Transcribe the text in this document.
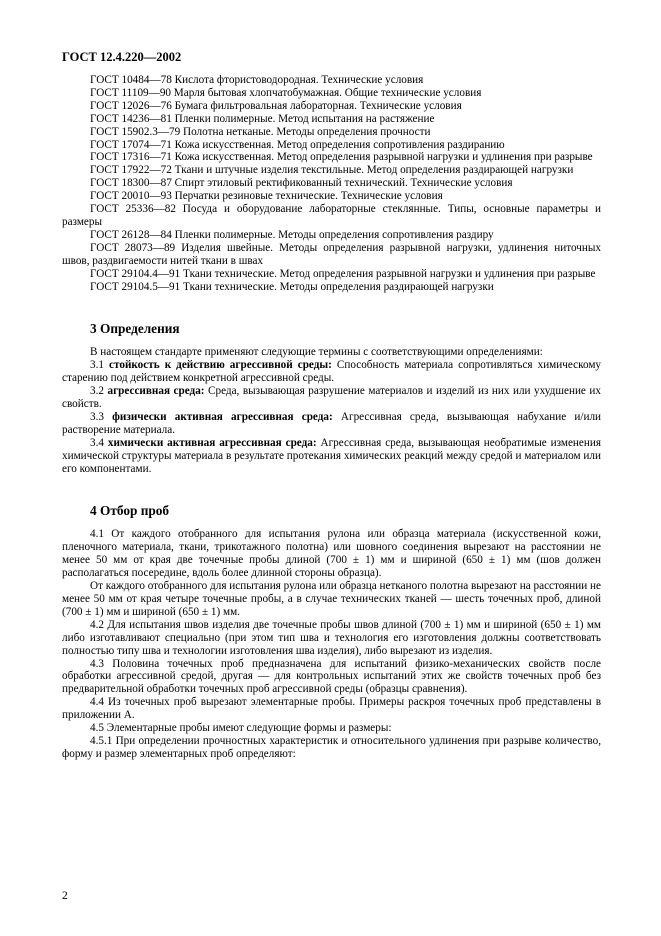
ГОСТ 12.4.220—2002

ГОСТ 10484—78 Кислота фтористоводородная. Технические условия

ГОСТ 11109—90 Марля бытовая хлопчатобумажная. Общие технические условия

ГОСТ 12026—76 Бумага фильтровальная лабораторная. Технические условия

ГОСТ 14236—81 Пленки полимерные. Метод испытания на растяжение

ГОСТ 15902.3—79 Полотна нетканые. Методы определения прочности

ГОСТ 17074—71 Кожа искусственная. Метод определения сопротивления раздиранию

ГОСТ 17316—71 Кожа искусственная. Метод определения разрывной нагрузки и удлинения при разрыве

ГОСТ 17922—72 Ткани и штучные изделия текстильные. Метод определения раздирающей нагрузки

ГОСТ 18300—87 Спирт этиловый ректификованный технический. Технические условия

ГОСТ 20010—93 Перчатки резиновые технические. Технические условия

ГОСТ 25336—82 Посуда и оборудование лабораторные стеклянные. Типы, основные параметры и размеры

ГОСТ 26128—84 Пленки полимерные. Методы определения сопротивления раздиру

ГОСТ 28073—89 Изделия швейные. Методы определения разрывной нагрузки, удлинения ниточных швов, раздвигаемости нитей ткани в швах

ГОСТ 29104.4—91 Ткани технические. Метод определения разрывной нагрузки и удлинения при разрыве

ГОСТ 29104.5—91 Ткани технические. Методы определения раздирающей нагрузки

3 Определения

В настоящем стандарте применяют следующие термины с соответствующими определениями:

3.1 стойкость к действию агрессивной среды: Способность материала сопротивляться химическому старению под действием конкретной агрессивной среды.

3.2 агрессивная среда: Среда, вызывающая разрушение материалов и изделий из них или ухудшение их свойств.

3.3 физически активная агрессивная среда: Агрессивная среда, вызывающая набухание и/или растворение материала.

3.4 химически активная агрессивная среда: Агрессивная среда, вызывающая необратимые изменения химической структуры материала в результате протекания химических реакций между средой и материалом или его компонентами.

4 Отбор проб

4.1 От каждого отобранного для испытания рулона или образца материала (искусственной кожи, пленочного материала, ткани, трикотажного полотна) или шовного соединения вырезают на расстоянии не менее 50 мм от края две точечные пробы длиной (700 ± 1) мм и шириной (650 ± 1) мм (шов должен располагаться посередине, вдоль более длинной стороны образца).

От каждого отобранного для испытания рулона или образца нетканого полотна вырезают на расстоянии не менее 50 мм от края четыре точечные пробы, а в случае технических тканей — шесть точечных проб, длиной (700 ± 1) мм и шириной (650 ± 1) мм.

4.2 Для испытания швов изделия две точечные пробы швов длиной (700 ± 1) мм и шириной (650 ± 1) мм либо изготавливают специально (при этом тип шва и технология его изготовления должны соответствовать полностью типу шва и технологии изготовления шва изделия), либо вырезают из изделия.

4.3 Половина точечных проб предназначена для испытаний физико-механических свойств после обработки агрессивной средой, другая — для контрольных испытаний этих же свойств точечных проб без предварительной обработки точечных проб агрессивной среды (образцы сравнения).

4.4 Из точечных проб вырезают элементарные пробы. Примеры раскроя точечных проб представлены в приложении А.

4.5 Элементарные пробы имеют следующие формы и размеры:

4.5.1 При определении прочностных характеристик и относительного удлинения при разрыве количество, форму и размер элементарных проб определяют:

2
